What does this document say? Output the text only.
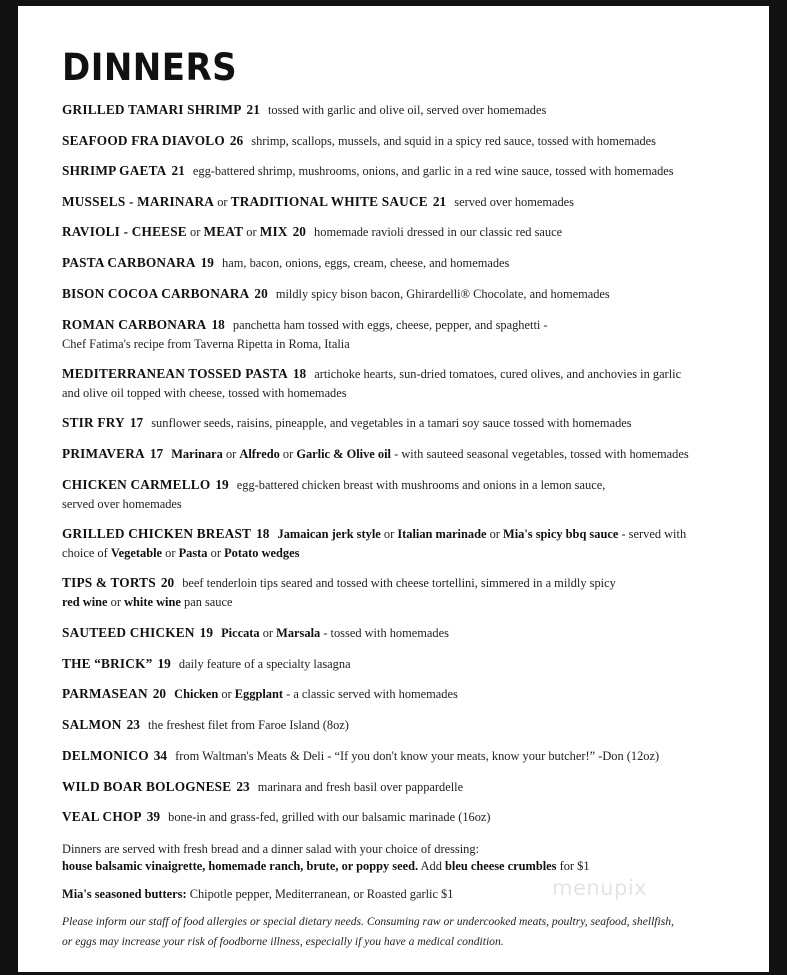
DINNERS
GRILLED TAMARI SHRIMP 21 tossed with garlic and olive oil, served over homemades
SEAFOOD FRA DIAVOLO 26 shrimp, scallops, mussels, and squid in a spicy red sauce, tossed with homemades
SHRIMP GAETA 21 egg-battered shrimp, mushrooms, onions, and garlic in a red wine sauce, tossed with homemades
MUSSELS - MARINARA or TRADITIONAL WHITE SAUCE 21 served over homemades
RAVIOLI - CHEESE or MEAT or MIX 20 homemade ravioli dressed in our classic red sauce
PASTA CARBONARA 19 ham, bacon, onions, eggs, cream, cheese, and homemades
BISON COCOA CARBONARA 20 mildly spicy bison bacon, Ghirardelli® Chocolate, and homemades
ROMAN CARBONARA 18 panchetta ham tossed with eggs, cheese, pepper, and spaghetti -
Chef Fatima's recipe from Taverna Ripetta in Roma, Italia
MEDITERRANEAN TOSSED PASTA 18 artichoke hearts, sun-dried tomatoes, cured olives, and anchovies in garlic
and olive oil topped with cheese, tossed with homemades
STIR FRY 17 sunflower seeds, raisins, pineapple, and vegetables in a tamari soy sauce tossed with homemades
PRIMAVERA 17 Marinara or Alfredo or Garlic & Olive oil - with sauteed seasonal vegetables, tossed with homemades
CHICKEN CARMELLO 19 egg-battered chicken breast with mushrooms and onions in a lemon sauce,
served over homemades
GRILLED CHICKEN BREAST 18 Jamaican jerk style or Italian marinade or Mia's spicy bbq sauce - served with
choice of Vegetable or Pasta or Potato wedges
TIPS & TORTS 20 beef tenderloin tips seared and tossed with cheese tortellini, simmered in a mildly spicy
red wine or white wine pan sauce
SAUTEED CHICKEN 19 Piccata or Marsala - tossed with homemades
THE “BRICK” 19 daily feature of a specialty lasagna
PARMASEAN 20 Chicken or Eggplant - a classic served with homemades
SALMON 23 the freshest filet from Faroe Island (8oz)
DELMONICO 34 from Waltman's Meats & Deli - “If you don't know your meats, know your butcher!” -Don (12oz)
WILD BOAR BOLOGNESE 23 marinara and fresh basil over pappardelle
VEAL CHOP 39 bone-in and grass-fed, grilled with our balsamic marinade (16oz)
Dinners are served with fresh bread and a dinner salad with your choice of dressing:
house balsamic vinaigrette, homemade ranch, brute, or poppy seed. Add bleu cheese crumbles for $1
Mia's seasoned butters: Chipotle pepper, Mediterranean, or Roasted garlic $1
Please inform our staff of food allergies or special dietary needs. Consuming raw or undercooked meats, poultry, seafood, shellfish,
or eggs may increase your risk of foodborne illness, especially if you have a medical condition.
menupix
